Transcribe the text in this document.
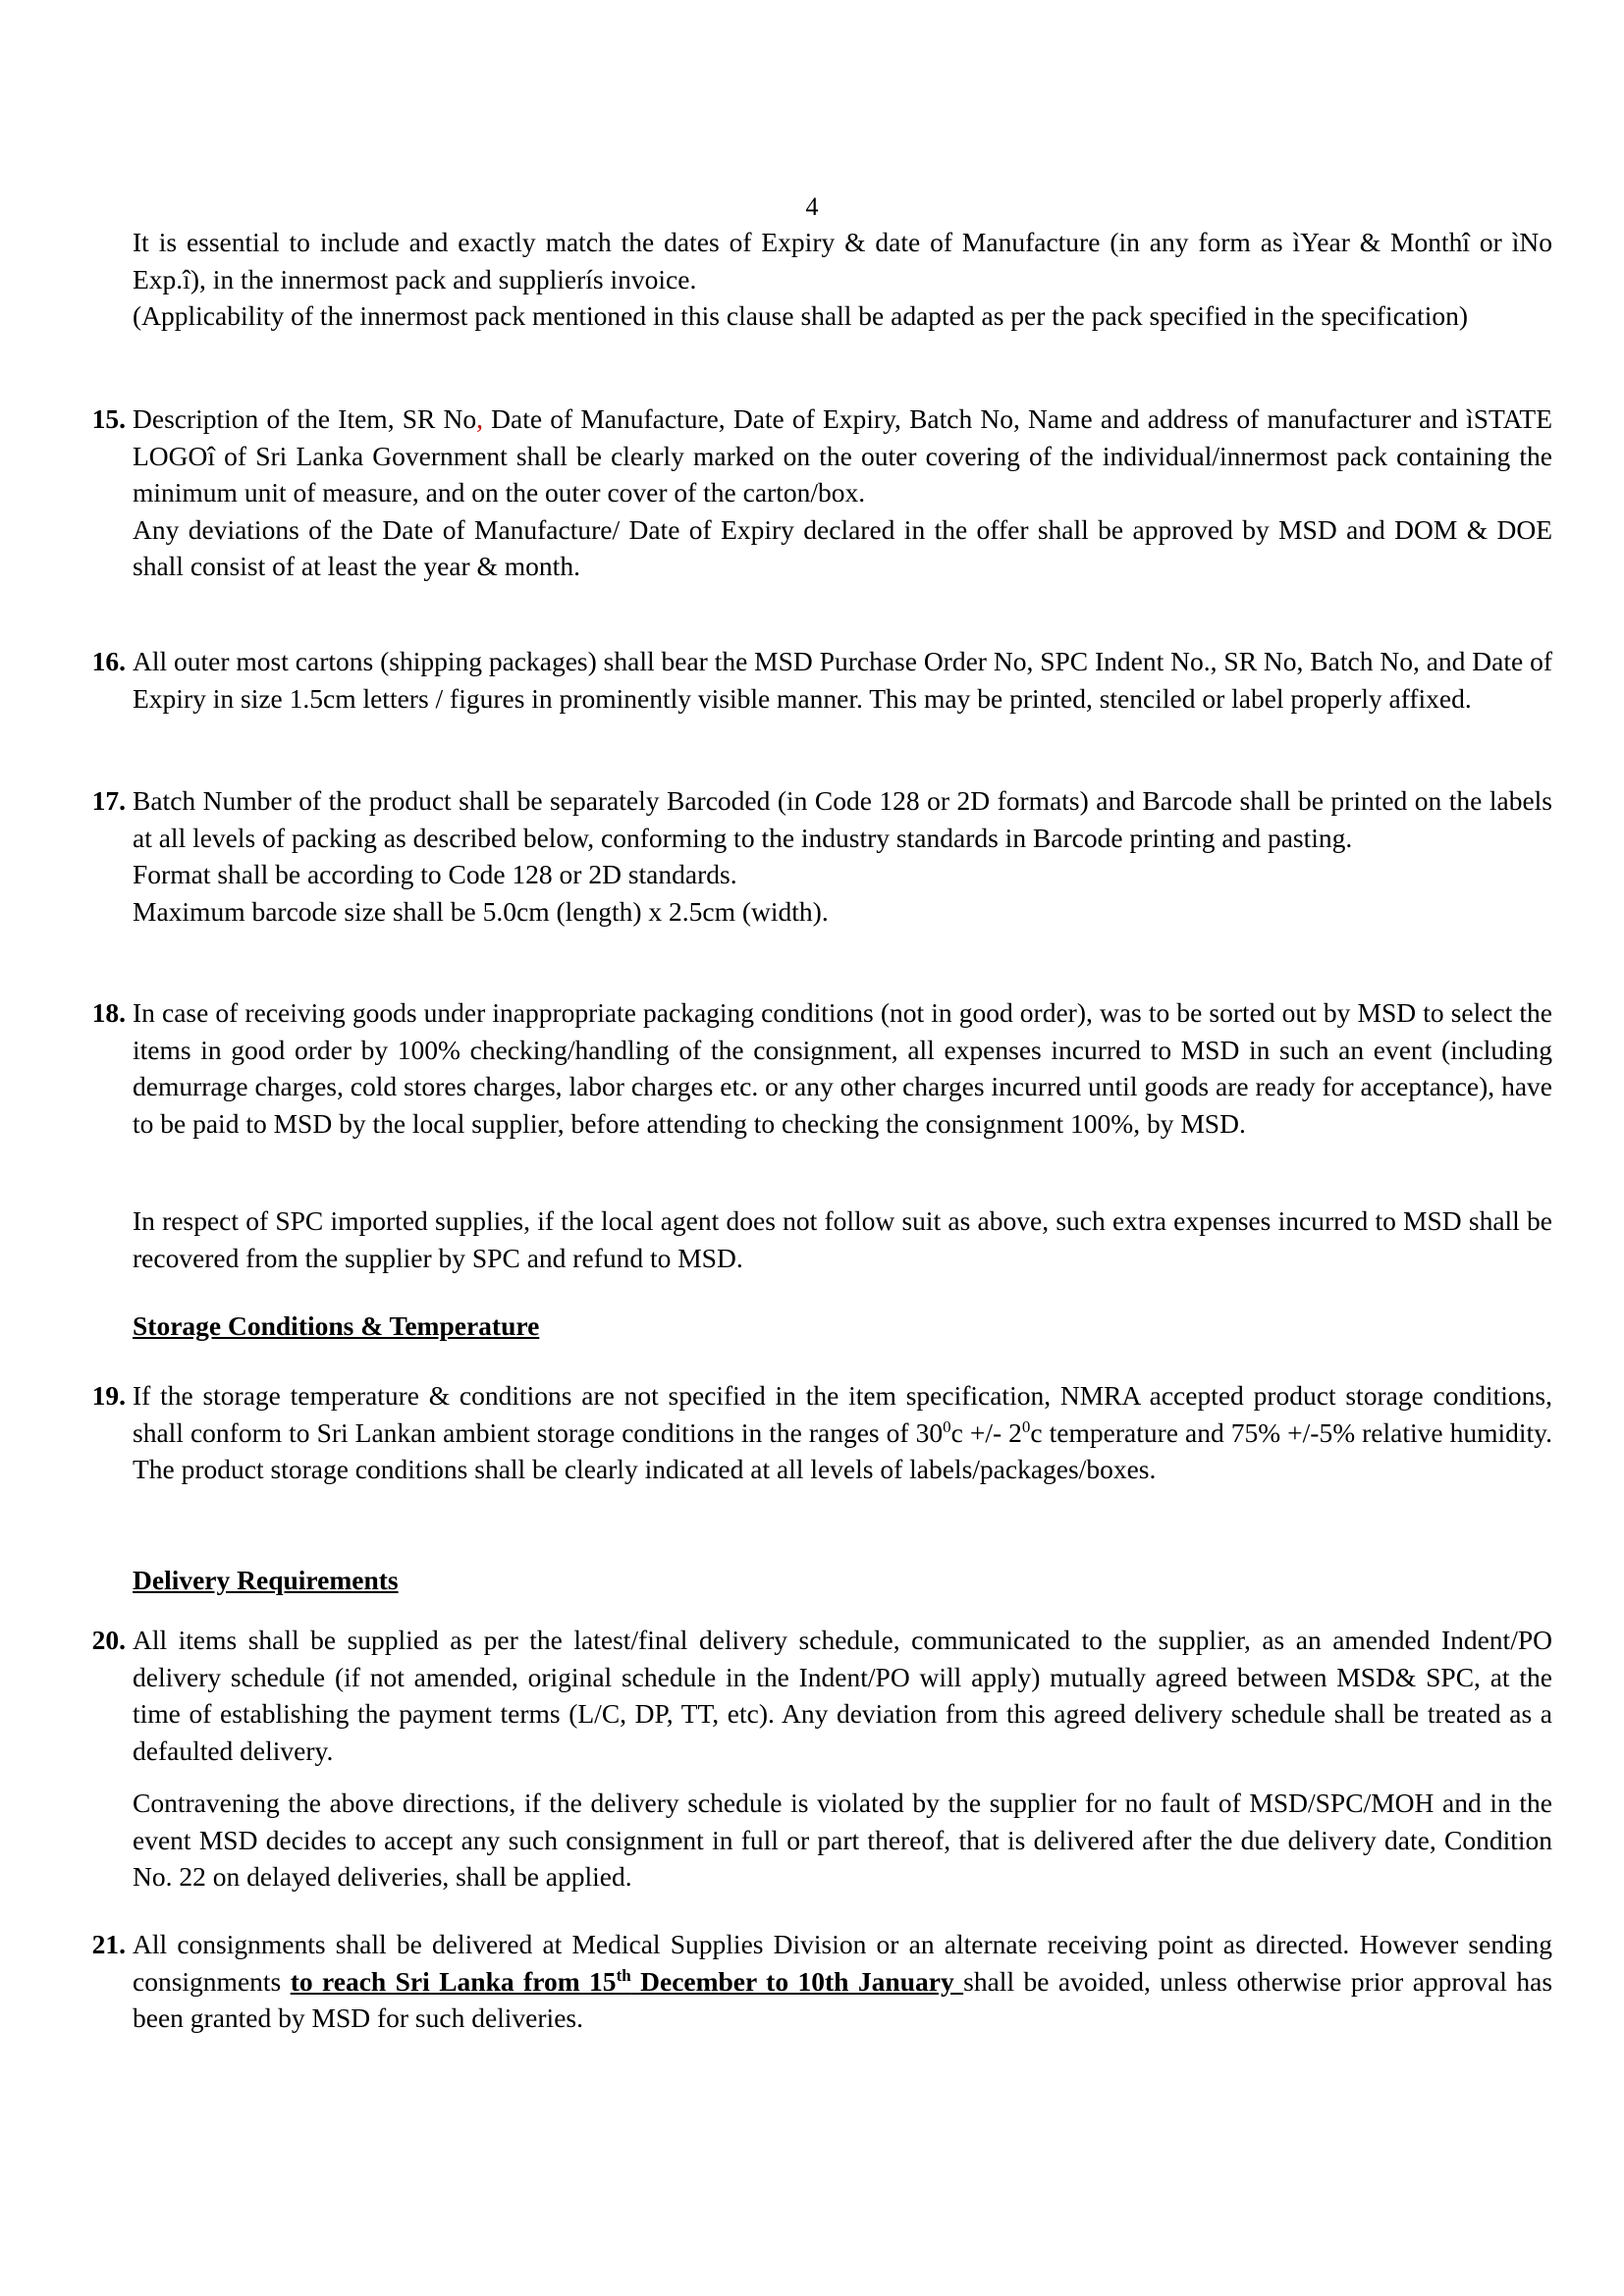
4

It is essential to include and exactly match the dates of Expiry & date of Manufacture (in any form as ìYear & Monthî or ìNo Exp.î), in the innermost pack and supplierís invoice.

(Applicability of the innermost pack mentioned in this clause shall be adapted as per the pack specified in the specification)

15. Description of the Item, SR No, Date of Manufacture, Date of Expiry, Batch No, Name and address of manufacturer and ìSTATE LOGOî of Sri Lanka Government shall be clearly marked on the outer covering of the individual/innermost pack containing the minimum unit of measure, and on the outer cover of the carton/box.

Any deviations of the Date of Manufacture/ Date of Expiry declared in the offer shall be approved by MSD and DOM & DOE shall consist of at least the year & month.

16. All outer most cartons (shipping packages) shall bear the MSD Purchase Order No, SPC Indent No., SR No, Batch No, and Date of Expiry in size 1.5cm letters / figures in prominently visible manner. This may be printed, stenciled or label properly affixed.

17. Batch Number of the product shall be separately Barcoded (in Code 128 or 2D formats) and Barcode shall be printed on the labels at all levels of packing as described below, conforming to the industry standards in Barcode printing and pasting.

Format shall be according to Code 128 or 2D standards.

Maximum barcode size shall be 5.0cm (length) x 2.5cm (width).

18. In case of receiving goods under inappropriate packaging conditions (not in good order), was to be sorted out by MSD to select the items in good order by 100% checking/handling of the consignment, all expenses incurred to MSD in such an event (including demurrage charges, cold stores charges, labor charges etc. or any other charges incurred until goods are ready for acceptance), have to be paid to MSD by the local supplier, before attending to checking the consignment 100%, by MSD.

In respect of SPC imported supplies, if the local agent does not follow suit as above, such extra expenses incurred to MSD shall be recovered from the supplier by SPC and refund to MSD.

Storage Conditions & Temperature
19. If the storage temperature & conditions are not specified in the item specification, NMRA accepted product storage conditions, shall conform to Sri Lankan ambient storage conditions in the ranges of $30^0c$ +/- $2^0c$ temperature and 75% +/-5% relative humidity. The product storage conditions shall be clearly indicated at all levels of labels/packages/boxes.

Delivery Requirements
20. All items shall be supplied as per the latest/final delivery schedule, communicated to the supplier, as an amended Indent/PO delivery schedule (if not amended, original schedule in the Indent/PO will apply) mutually agreed between MSD& SPC, at the time of establishing the payment terms (L/C, DP, TT, etc). Any deviation from this agreed delivery schedule shall be treated as a defaulted delivery.

Contravening the above directions, if the delivery schedule is violated by the supplier for no fault of MSD/SPC/MOH and in the event MSD decides to accept any such consignment in full or part thereof, that is delivered after the due delivery date, Condition No. 22 on delayed deliveries, shall be applied.

21. All consignments shall be delivered at Medical Supplies Division or an alternate receiving point as directed. However sending consignments to reach Sri Lanka from 15th December to 10th January shall be avoided, unless otherwise prior approval has been granted by MSD for such deliveries.
